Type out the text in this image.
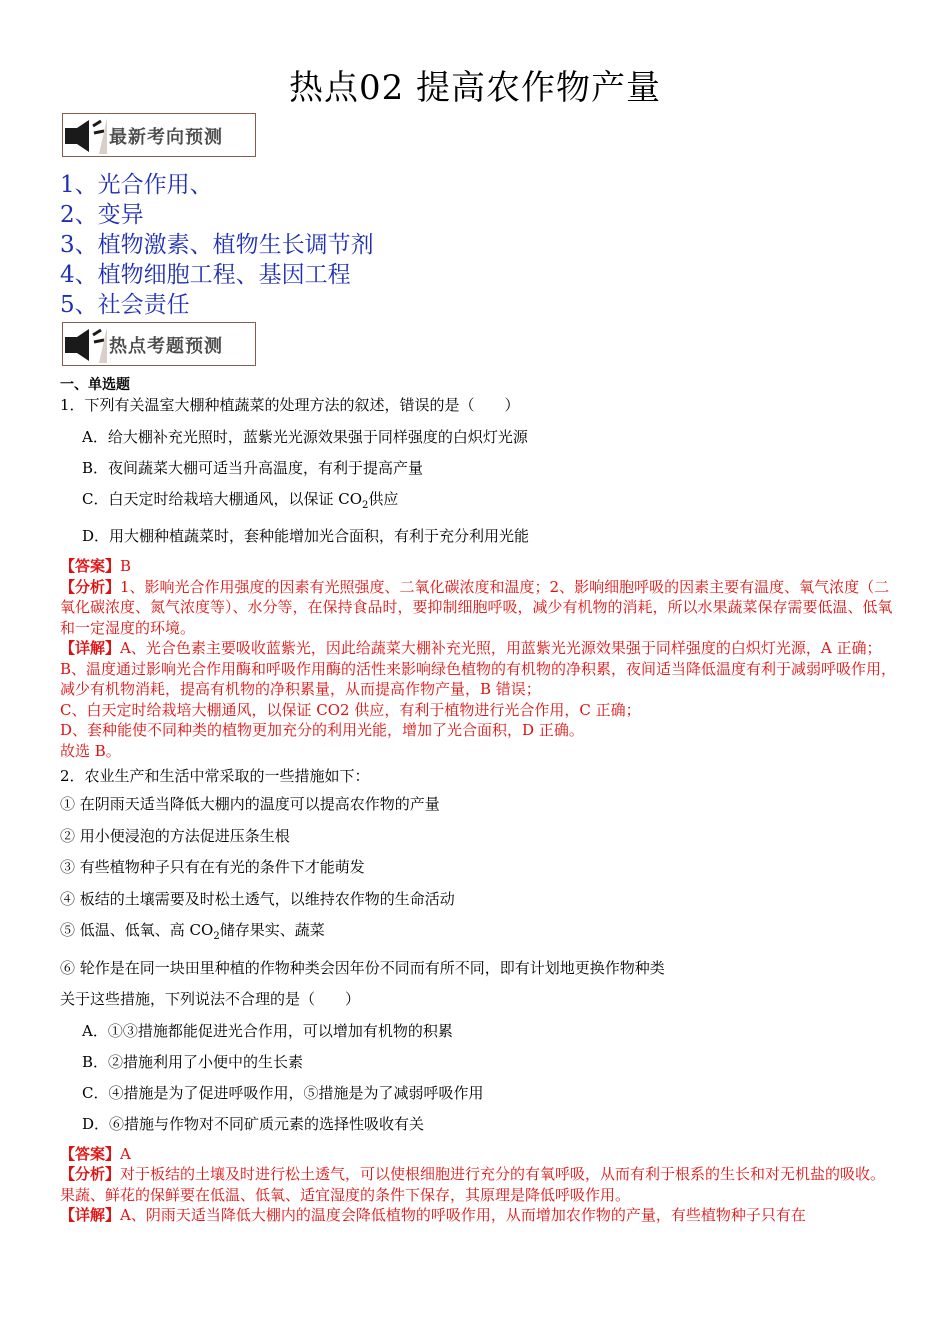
热点02 提高农作物产量
最新考向预测
1、光合作用、
2、变异
3、植物激素、植物生长调节剂
4、植物细胞工程、基因工程
5、社会责任
热点考题预测
一、单选题
1．下列有关温室大棚种植蔬菜的处理方法的叙述，错误的是（　　）
A．给大棚补充光照时，蓝紫光光源效果强于同样强度的白炽灯光源
B．夜间蔬菜大棚可适当升高温度，有利于提高产量
C．白天定时给栽培大棚通风，以保证 $CO_2$供应
D．用大棚种植蔬菜时，套种能增加光合面积，有利于充分利用光能
【答案】B
【分析】1、影响光合作用强度的因素有光照强度、二氧化碳浓度和温度；2、影响细胞呼吸的因素主要有温度、氧气浓度（二氧化碳浓度、氮气浓度等）、水分等，在保持食品时，要抑制细胞呼吸，减少有机物的消耗，所以水果蔬菜保存需要低温、低氧和一定湿度的环境。
【详解】A、光合色素主要吸收蓝紫光，因此给蔬菜大棚补充光照，用蓝紫光光源效果强于同样强度的白炽灯光源，A 正确；
B、温度通过影响光合作用酶和呼吸作用酶的活性来影响绿色植物的有机物的净积累，夜间适当降低温度有利于减弱呼吸作用，减少有机物消耗，提高有机物的净积累量，从而提高作物产量，B 错误；
C、白天定时给栽培大棚通风，以保证 CO2 供应，有利于植物进行光合作用，C 正确；
D、套种能使不同种类的植物更加充分的利用光能，增加了光合面积，D 正确。
故选 B。
2．农业生产和生活中常采取的一些措施如下：
① 在阴雨天适当降低大棚内的温度可以提高农作物的产量
② 用小便浸泡的方法促进压条生根
③ 有些植物种子只有在有光的条件下才能萌发
④ 板结的土壤需要及时松土透气，以维持农作物的生命活动
⑤ 低温、低氧、高 $CO_2$储存果实、蔬菜
⑥ 轮作是在同一块田里种植的作物种类会因年份不同而有所不同，即有计划地更换作物种类
关于这些措施，下列说法不合理的是（　　）
A．①③措施都能促进光合作用，可以增加有机物的积累
B．②措施利用了小便中的生长素
C．④措施是为了促进呼吸作用，⑤措施是为了减弱呼吸作用
D．⑥措施与作物对不同矿质元素的选择性吸收有关
【答案】A
【分析】对于板结的土壤及时进行松土透气，可以使根细胞进行充分的有氧呼吸，从而有利于根系的生长和对无机盐的吸收。
果蔬、鲜花的保鲜要在低温、低氧、适宜湿度的条件下保存，其原理是降低呼吸作用。
【详解】A、阴雨天适当降低大棚内的温度会降低植物的呼吸作用，从而增加农作物的产量，有些植物种子只有在
